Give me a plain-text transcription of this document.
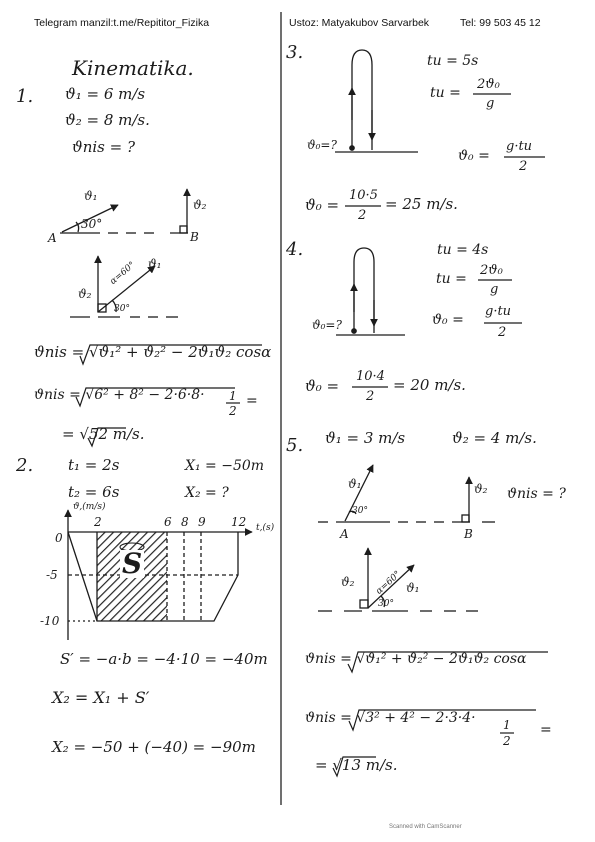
Telegram manzil:t.me/Repititor_Fizika	Ustoz: Matyakubov Sarvarbek	Tel: 99 503 45 12
Kinematika.
1. ϑ₁ = 6 m/s
ϑ₂ = 8 m/s.
ϑnis = ?
ϑ₁
30°
A
ϑ₂
B
ϑ₂
ϑ₁
α=60°
30°
ϑnis = √ϑ₁² + ϑ₂² − 2ϑ₁ϑ₂ cosα
ϑnis = √6² + 8² − 2·6·8· 1
2
=
= √52 m/s.
2. t₁ = 2s
t₂ = 6s
X₁ = −50m
X₂ = ?
ϑ,(m/s)
t,(s)
0
2	6 8 9 12
-5
-10
S
S′ = −a·b = −4·10 = −40m
X₂ = X₁ + S′
X₂ = −50 + (−40) = −90m
3.	tu = 5s
tu =
2ϑ₀
g
ϑ₀ =
g·tu
2
ϑ₀=?
ϑ₀ =
10·5
2
= 25 m/s.
4.	tu = 4s
tu =
2ϑ₀
g
ϑ₀ =
g·tu
2
ϑ₀=?
ϑ₀ =
10·4
2
= 20 m/s.
5. ϑ₁ = 3 m/s	ϑ₂ = 4 m/s.
ϑ₁
30°
A
ϑ₂
B
ϑnis = ?
ϑ₂	ϑ₁
α=60°
30°
ϑnis = √ϑ₁² + ϑ₂² − 2ϑ₁ϑ₂ cosα
ϑnis = √3² + 4² − 2·3·4· 1
2
=
= √13 m/s.
Scanned with CamScanner
